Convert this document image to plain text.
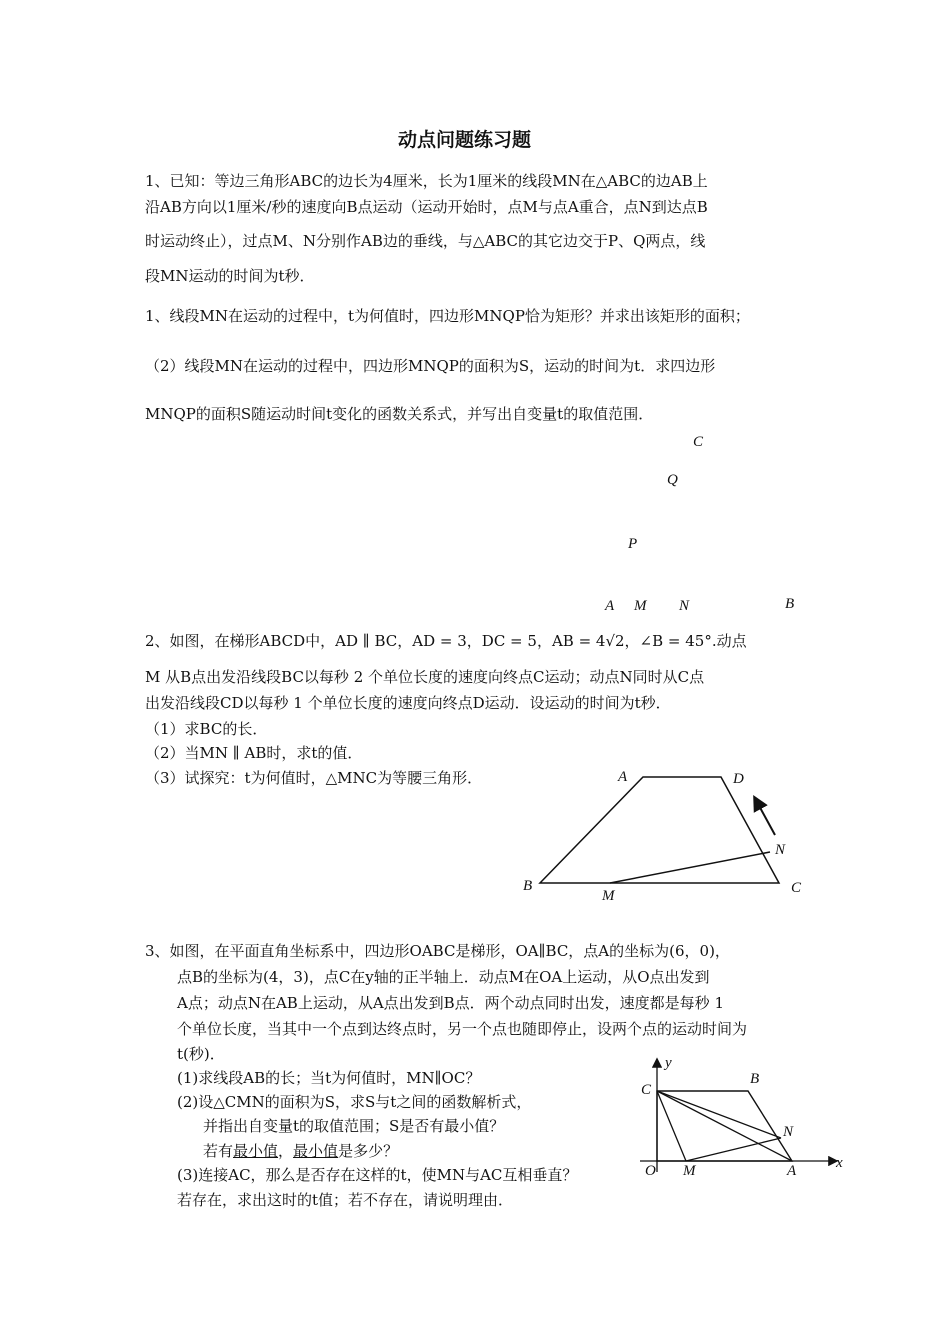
动点问题练习题
1、已知：等边三角形ABC的边长为4厘米，长为1厘米的线段MN在△ABC的边AB上
沿AB方向以1厘米/秒的速度向B点运动（运动开始时，点M与点A重合，点N到达点B
时运动终止），过点M、N分别作AB边的垂线，与△ABC的其它边交于P、Q两点，线
段MN运动的时间为t秒．
1、线段MN在运动的过程中，t为何值时，四边形MNQP恰为矩形？并求出该矩形的面积；
（2）线段MN在运动的过程中，四边形MNQP的面积为S，运动的时间为t．求四边形
MNQP的面积S随运动时间t变化的函数关系式，并写出自变量t的取值范围．
C
Q
P
A M N	B
2、如图，在梯形ABCD中，AD ∥ BC，AD = 3，DC = 5，AB = 4√2，∠B = 45°.动点
M 从B点出发沿线段BC以每秒 2 个单位长度的速度向终点C运动；动点N同时从C点
出发沿线段CD以每秒 1 个单位长度的速度向终点D运动．设运动的时间为t秒．
（1）求BC的长．
（2）当MN ∥ AB时，求t的值．
（3）试探究：t为何值时，△MNC为等腰三角形．	A	D
N
B
M	C
3、如图，在平面直角坐标系中，四边形OABC是梯形，OA∥BC，点A的坐标为(6，0)，
点B的坐标为(4，3)，点C在y轴的正半轴上．动点M在OA上运动，从O点出发到
A点；动点N在AB上运动，从A点出发到B点．两个动点同时出发，速度都是每秒 1
个单位长度，当其中一个点到达终点时，另一个点也随即停止，设两个点的运动时间为
t(秒)．
(1)求线段AB的长；当t为何值时，MN∥OC？
(2)设△CMN的面积为S，求S与t之间的函数解析式，
并指出自变量t的取值范围；S是否有最小值？
若有最小值，最小值是多少？
(3)连接AC，那么是否存在这样的t，使MN与AC互相垂直？
若存在，求出这时的t值；若不存在，请说明理由．
y
x
C
B
N
O M	A
